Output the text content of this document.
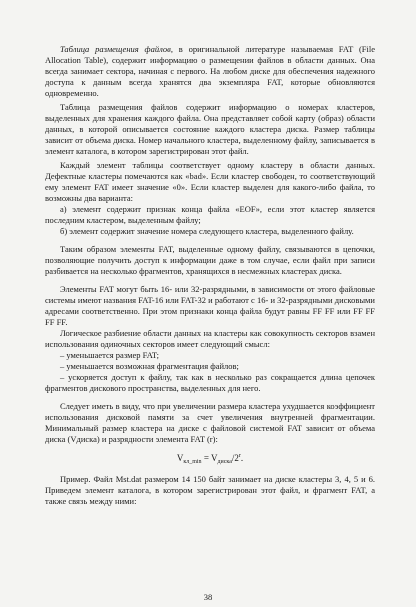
Таблица размещения файлов, в оригинальной литературе называемая FAT (File Allocation Table), содержит информацию о размещении файлов в области данных. Она всегда занимает сектора, начиная с первого. На любом диске для обеспечения надежного доступа к данным всегда хранятся два экземпляра FAT, которые обновляются одновременно.

Таблица размещения файлов содержит информацию о номерах кластеров, выделенных для хранения каждого файла. Она представляет собой карту (образ) области данных, в которой описывается состояние каждого кластера диска. Размер таблицы зависит от объема диска. Номер начального кластера, выделенному файлу, записывается в элемент каталога, в котором зарегистрирован этот файл.

Каждый элемент таблицы соответствует одному кластеру в области данных. Дефектные кластеры помечаются как «bad». Если кластер свободен, то соответствующий ему элемент FAT имеет значение «0». Если кластер выделен для какого-либо файла, то возможны два варианта:

а) элемент содержит признак конца файла «EOF», если этот кластер является последним кластером, выделенным файлу;

б) элемент содержит значение номера следующего кластера, выделенного файлу.

Таким образом элементы FAT, выделенные одному файлу, связываются в цепочки, позволяющие получить доступ к информации даже в том случае, если файл при записи разбивается на несколько фрагментов, хранящихся в несмежных кластерах диска.

Элементы FAT могут быть 16- или 32-разрядными, в зависимости от этого файловые системы имеют названия FAT-16 или FAT-32 и работают с 16- и 32-разрядными дисковыми адресами соответственно. При этом признаки конца файла будут равны FF FF или FF FF FF FF.

Логическое разбиение области данных на кластеры как совокупность секторов взамен использования одиночных секторов имеет следующий смысл:

– уменьшается размер FAT;

– уменьшается возможная фрагментация файлов;

– ускоряется доступ к файлу, так как в несколько раз сокращается длина цепочек фрагментов дискового пространства, выделенных для него.

Следует иметь в виду, что при увеличении размера кластера ухудшается коэффициент использования дисковой памяти за счет увеличения внутренней фрагментации. Минимальный размер кластера на диске с файловой системой FAT зависит от объема диска (Vдиска) и разрядности элемента FAT (r):

$V_{кл\_min} = V_{диска}/2^r$.

Пример. Файл Mst.dat размером 14 150 байт занимает на диске кластеры 3, 4, 5 и 6. Приведем элемент каталога, в котором зарегистрирован этот файл, и фрагмент FAT, а также связь между ними:

38
